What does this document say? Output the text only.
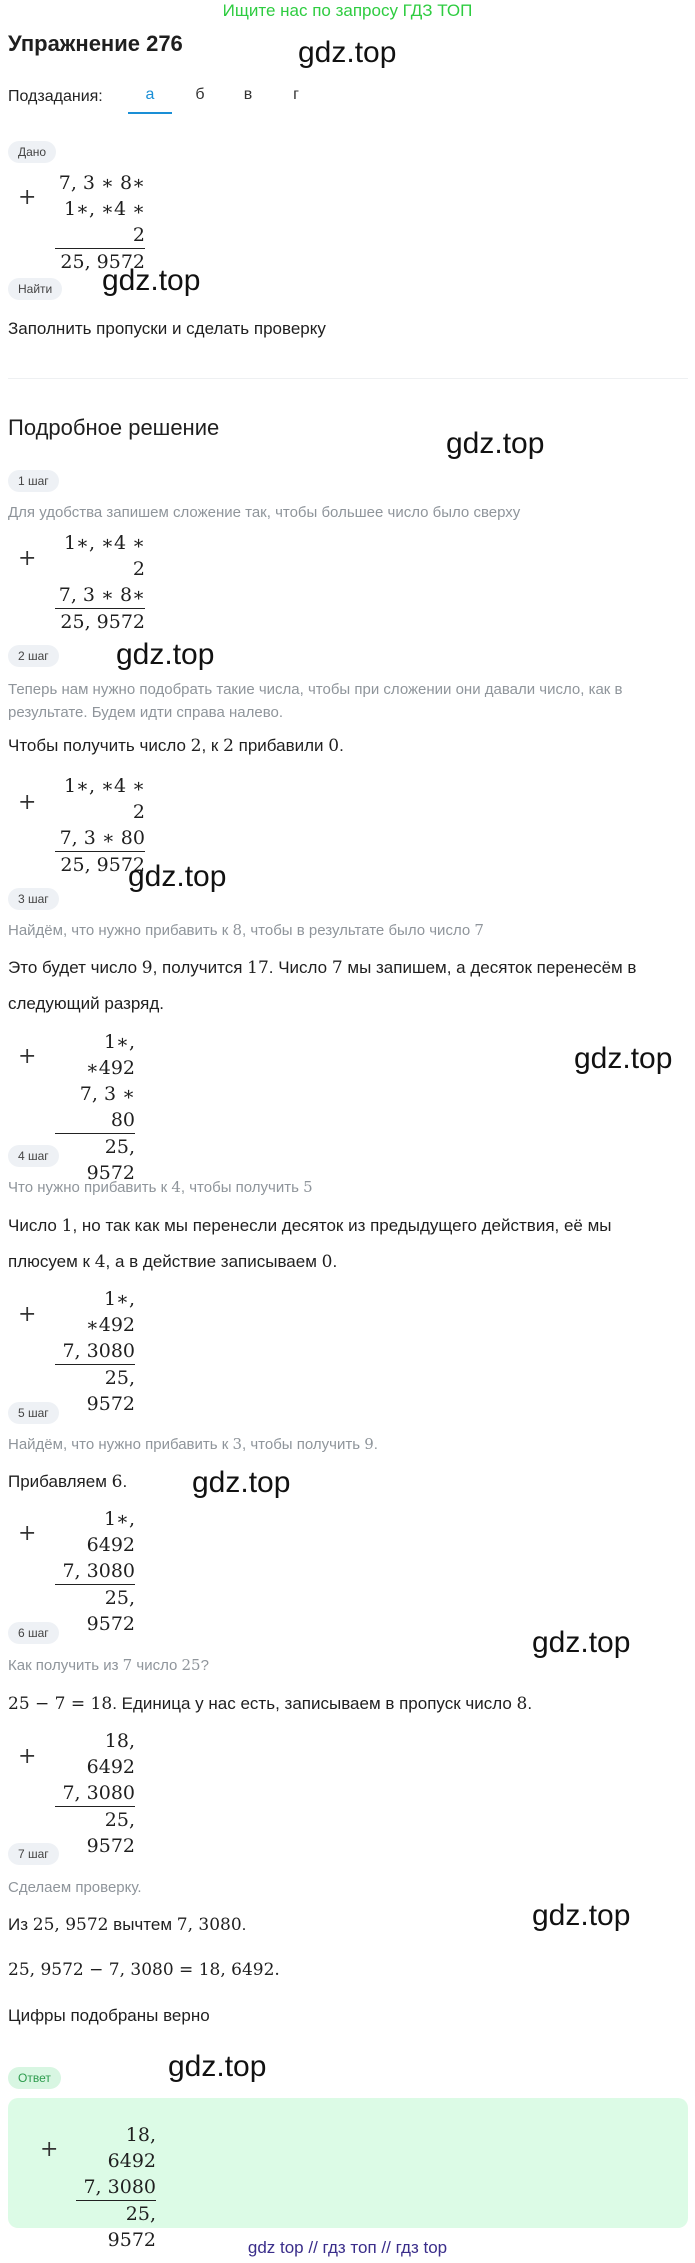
Ищите нас по запросу ГДЗ ТОП
Упражнение 276
Подзадания:	а	б	в	г
Дано
+
7, 3 ∗ 8∗
1∗, ∗4 ∗ 2
25, 9572
Найти
Заполнить пропуски и сделать проверку
Подробное решение
1 шаг
Для удобства запишем сложение так, чтобы большее число было сверху
+
1∗, ∗4 ∗ 2
7, 3 ∗ 8∗
25, 9572
2 шаг
Теперь нам нужно подобрать такие числа, чтобы при сложении они давали число, как в
результате. Будем идти справа налево.
Чтобы получить число 2, к 2 прибавили 0.
+
1∗, ∗4 ∗ 2
7, 3 ∗ 80
25, 9572
3 шаг
Найдём, что нужно прибавить к 8, чтобы в результате было число 7
Это будет число 9, получится 17. Число 7 мы запишем, а десяток перенесём в
следующий разряд.
+
1∗, ∗492
7, 3 ∗ 80
25, 9572
4 шаг
Что нужно прибавить к 4, чтобы получить 5
Число 1, но так как мы перенесли десяток из предыдущего действия, её мы
плюсуем к 4, а в действие записываем 0.
+
1∗, ∗492
7, 3080
25, 9572
5 шаг
Найдём, что нужно прибавить к 3, чтобы получить 9.
Прибавляем 6.
+
1∗, 6492
7, 3080
25, 9572
6 шаг
Как получить из 7 число 25?
25 − 7 = 18. Единица у нас есть, записываем в пропуск число 8.
+
18, 6492
7, 3080
25, 9572
7 шаг
Сделаем проверку.
Из 25, 9572 вычтем 7, 3080.
25, 9572 − 7, 3080 = 18, 6492.
Цифры подобраны верно
Ответ
+
18, 6492
7, 3080
25, 9572
gdz.top
gdz.top
gdz.top
gdz.top
gdz.top
gdz.top
gdz.top
gdz.top
gdz.top
gdz.top
gdz top // гдз топ // гдз top
